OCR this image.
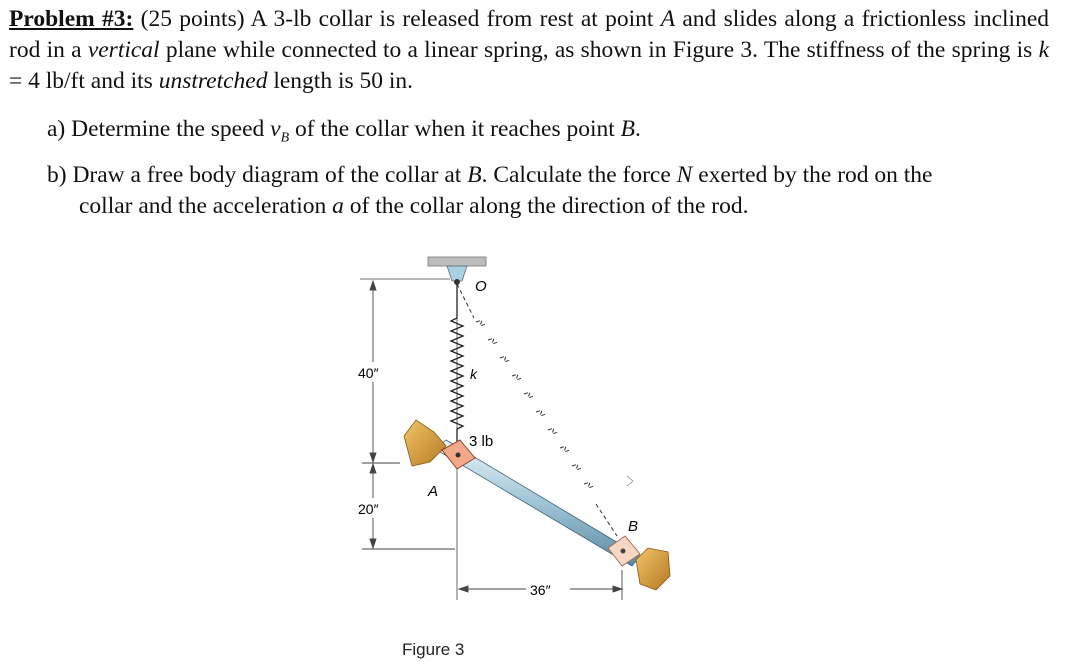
Problem #3: (25 points) A 3-lb collar is released from rest at point A and slides along a frictionless inclined rod in a vertical plane while connected to a linear spring, as shown in Figure 3. The stiffness of the spring is k = 4 lb/ft and its unstretched length is 50 in.
a) Determine the speed $v_B$ of the collar when it reaches point B.
b) Draw a free body diagram of the collar at B. Calculate the force N exerted by the rod on the
collar and the acceleration a of the collar along the direction of the rod.
O
k
3 lb
A
B
40″
20″
36″
Figure 3
